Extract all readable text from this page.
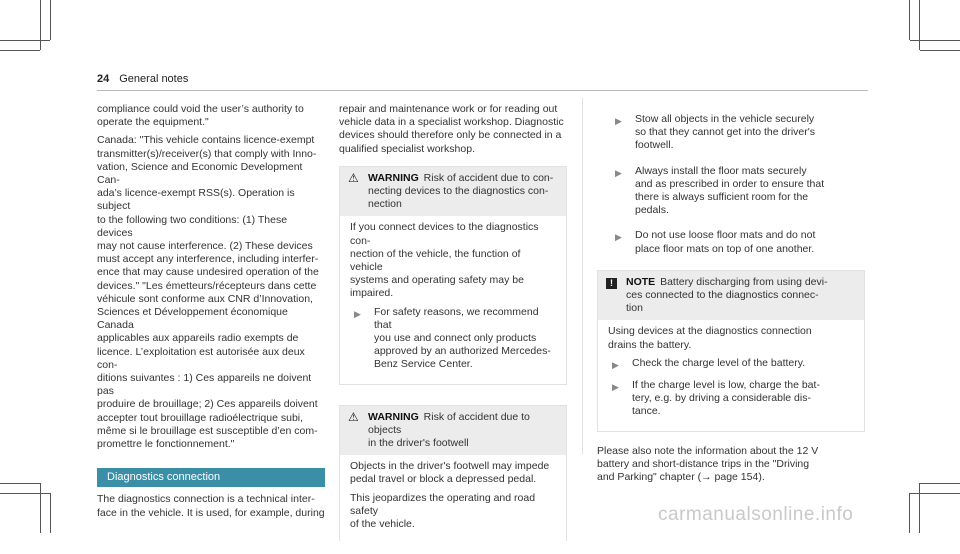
24 General notes

compliance could void the user’s authority to
operate the equipment."

Canada: "This vehicle contains licence-exempt
transmitter(s)/receiver(s) that comply with Inno-
vation, Science and Economic Development Can-
ada’s licence-exempt RSS(s). Operation is subject
to the following two conditions: (1) These devices
may not cause interference. (2) These devices
must accept any interference, including interfer-
ence that may cause undesired operation of the
devices." "Les émetteurs/récepteurs dans cette
véhicule sont conforme aux CNR d’Innovation,
Sciences et Développement économique Canada
applicables aux appareils radio exempts de
licence. L’exploitation est autorisée aux deux con-
ditions suivantes : 1) Ces appareils ne doivent pas
produire de brouillage; 2) Ces appareils doivent
accepter tout brouillage radioélectrique subi,
même si le brouillage est susceptible d’en com-
promettre le fonctionnement."

Diagnostics connection

The diagnostics connection is a technical inter-
face in the vehicle. It is used, for example, during

repair and maintenance work or for reading out
vehicle data in a specialist workshop. Diagnostic
devices should therefore only be connected in a
qualified specialist workshop.

⚠ WARNING Risk of accident due to con-
necting devices to the diagnostics con-
nection

If you connect devices to the diagnostics con-
nection of the vehicle, the function of vehicle
systems and operating safety may be
impaired.

▶	For safety reasons, we recommend that
you use and connect only products
approved by an authorized Mercedes-
Benz Service Center.
⚠ WARNING Risk of accident due to objects
in the driver's footwell

Objects in the driver's footwell may impede
pedal travel or block a depressed pedal.

This jeopardizes the operating and road safety
of the vehicle.

▶	Stow all objects in the vehicle securely
so that they cannot get into the driver's
footwell.
▶	Always install the floor mats securely
and as prescribed in order to ensure that
there is always sufficient room for the
pedals.
▶	Do not use loose floor mats and do not
place floor mats on top of one another.
!	NOTE Battery discharging from using devi-
ces connected to the diagnostics connec-
tion

Using devices at the diagnostics connection
drains the battery.

▶	Check the charge level of the battery.
▶	If the charge level is low, charge the bat-
tery, e.g. by driving a considerable dis-
tance.

Please also note the information about the 12 V
battery and short-distance trips in the "Driving
and Parking" chapter (→ page 154).

carmanualsonline.info
